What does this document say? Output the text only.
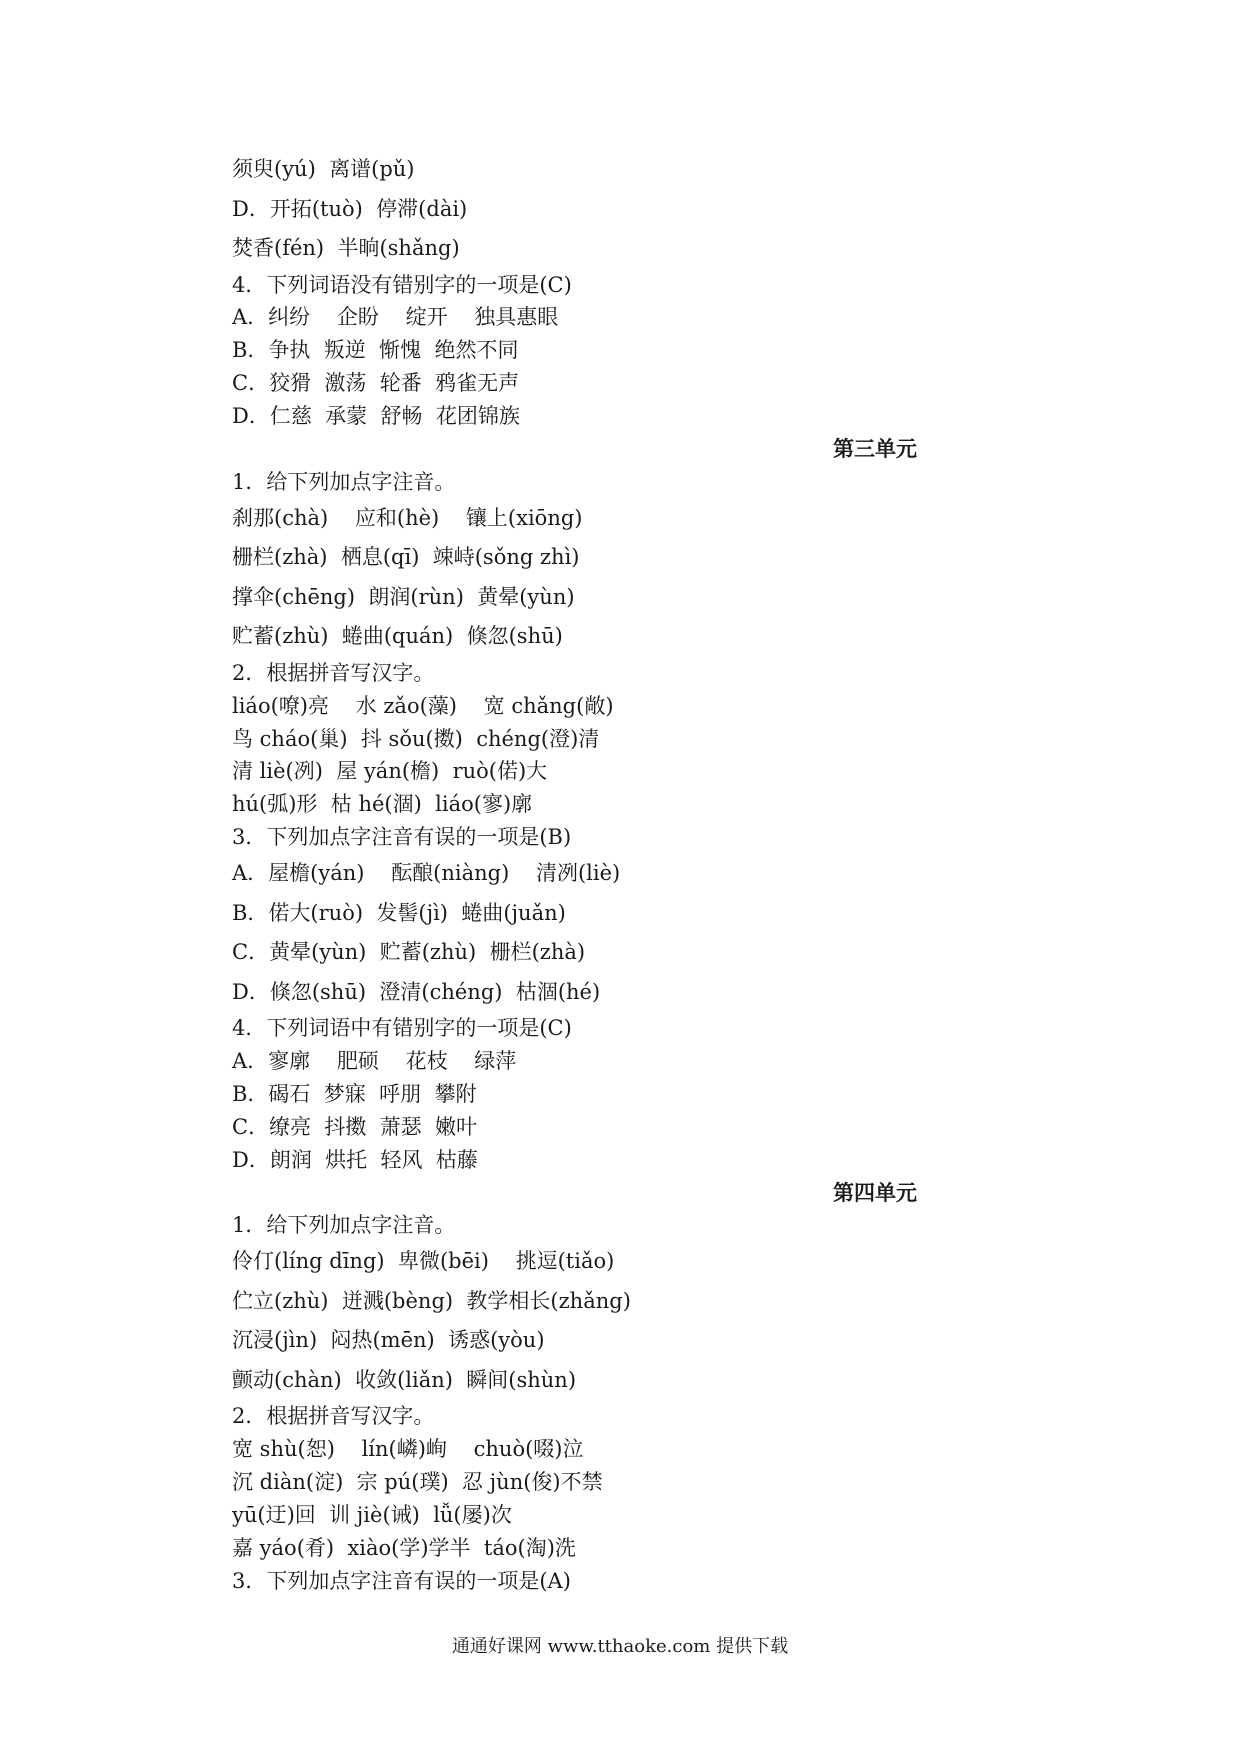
须臾(yú)  离谱(pǔ)
D．开拓(tuò)  停滞(dài)
焚香(fén)  半晌(shǎng)
4．下列词语没有错别字的一项是(C)
A．纠纷    企盼    绽开    独具惠眼
B．争执  叛逆  惭愧  绝然不同
C．狡猾  激荡  轮番  鸦雀无声
D．仁慈  承蒙  舒畅  花团锦族
第三单元
1．给下列加点字注音。
刹那(chà)    应和(hè)    镶上(xiōng)
栅栏(zhà)  栖息(qī)  竦峙(sǒng zhì)
撑伞(chēng)  朗润(rùn)  黄晕(yùn)
贮蓄(zhù)  蜷曲(quán)  倏忽(shū)
2．根据拼音写汉字。
liáo(嘹)亮    水 zǎo(藻)    宽 chǎng(敞)
鸟 cháo(巢)  抖 sǒu(擞)  chéng(澄)清
清 liè(冽)  屋 yán(檐)  ruò(偌)大
hú(弧)形  枯 hé(涸)  liáo(寥)廓
3．下列加点字注音有误的一项是(B)
A．屋檐(yán)    酝酿(niàng)    清冽(liè)
B．偌大(ruò)  发髻(jì)  蜷曲(juǎn)
C．黄晕(yùn)  贮蓄(zhù)  栅栏(zhà)
D．倏忽(shū)  澄清(chéng)  枯涸(hé)
4．下列词语中有错别字的一项是(C)
A．寥廓    肥硕    花枝    绿萍
B．碣石  梦寐  呼朋  攀附
C．缭亮  抖擞  萧瑟  嫩叶
D．朗润  烘托  轻风  枯藤
第四单元
1．给下列加点字注音。
伶仃(líng dīng)  卑微(bēi)    挑逗(tiǎo)
伫立(zhù)  迸溅(bèng)  教学相长(zhǎng)
沉浸(jìn)  闷热(mēn)  诱惑(yòu)
颤动(chàn)  收敛(liǎn)  瞬间(shùn)
2．根据拼音写汉字。
宽 shù(恕)    lín(嶙)峋    chuò(啜)泣
沉 diàn(淀)  宗 pú(璞)  忍 jùn(俊)不禁
yū(迂)回  训 jiè(诫)  lǚ(屡)次
嘉 yáo(肴)  xiào(学)学半  táo(淘)洗
3．下列加点字注音有误的一项是(A)
通通好课网 www.tthaoke.com 提供下载
